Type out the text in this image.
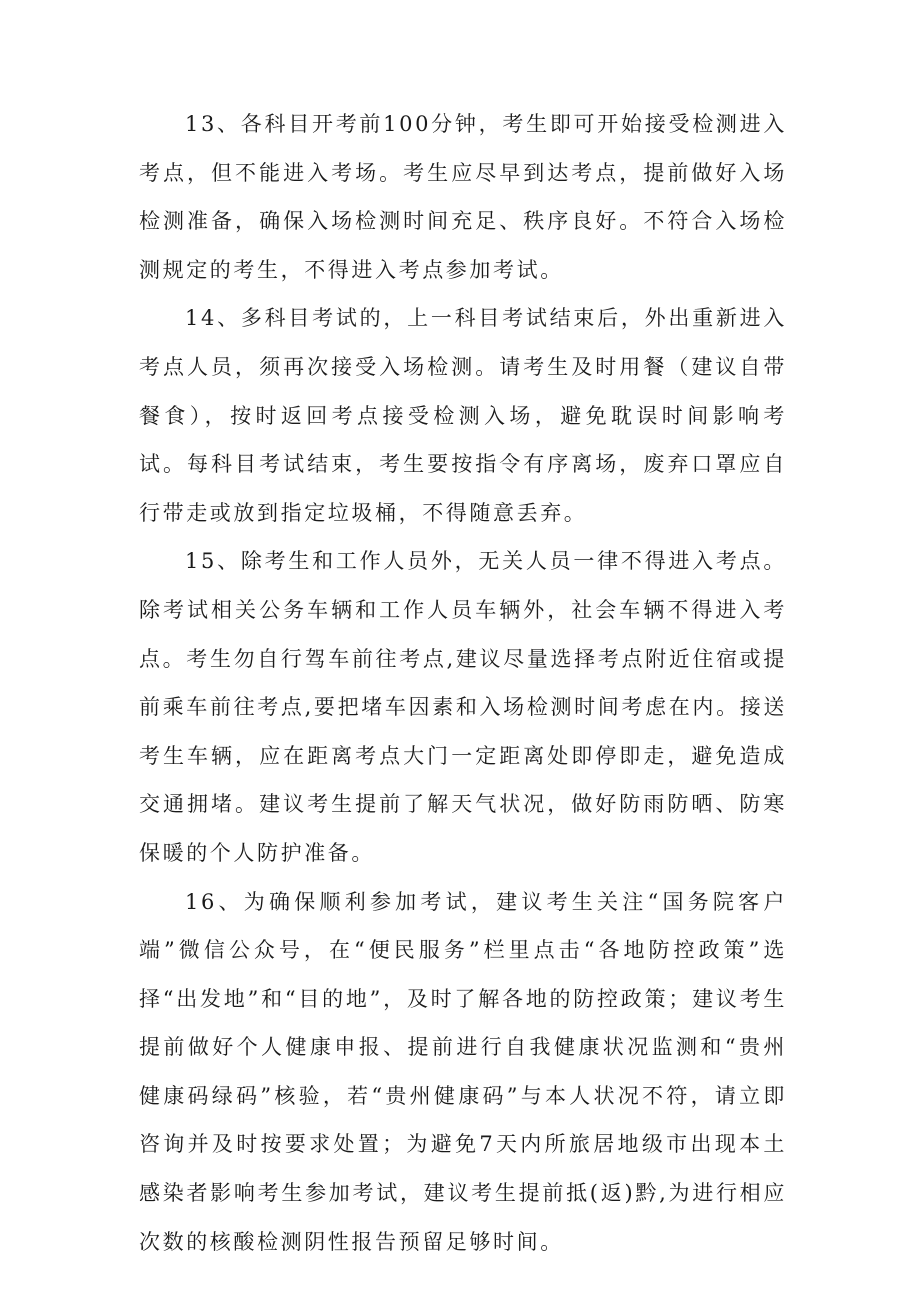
13、各科目开考前100分钟，考生即可开始接受检测进入考点，但不能进入考场。考生应尽早到达考点，提前做好入场检测准备，确保入场检测时间充足、秩序良好。不符合入场检测规定的考生，不得进入考点参加考试。

14、多科目考试的，上一科目考试结束后，外出重新进入考点人员，须再次接受入场检测。请考生及时用餐（建议自带餐食），按时返回考点接受检测入场，避免耽误时间影响考试。每科目考试结束，考生要按指令有序离场，废弃口罩应自行带走或放到指定垃圾桶，不得随意丢弃。

15、除考生和工作人员外，无关人员一律不得进入考点。除考试相关公务车辆和工作人员车辆外，社会车辆不得进入考点。考生勿自行驾车前往考点,建议尽量选择考点附近住宿或提前乘车前往考点,要把堵车因素和入场检测时间考虑在内。接送考生车辆，应在距离考点大门一定距离处即停即走，避免造成交通拥堵。建议考生提前了解天气状况，做好防雨防晒、防寒保暖的个人防护准备。

16、为确保顺利参加考试，建议考生关注“国务院客户端”微信公众号，在“便民服务”栏里点击“各地防控政策”选择“出发地”和“目的地”，及时了解各地的防控政策；建议考生提前做好个人健康申报、提前进行自我健康状况监测和“贵州健康码绿码”核验，若“贵州健康码”与本人状况不符，请立即咨询并及时按要求处置；为避免7天内所旅居地级市出现本土感染者影响考生参加考试，建议考生提前抵(返)黔,为进行相应次数的核酸检测阴性报告预留足够时间。
